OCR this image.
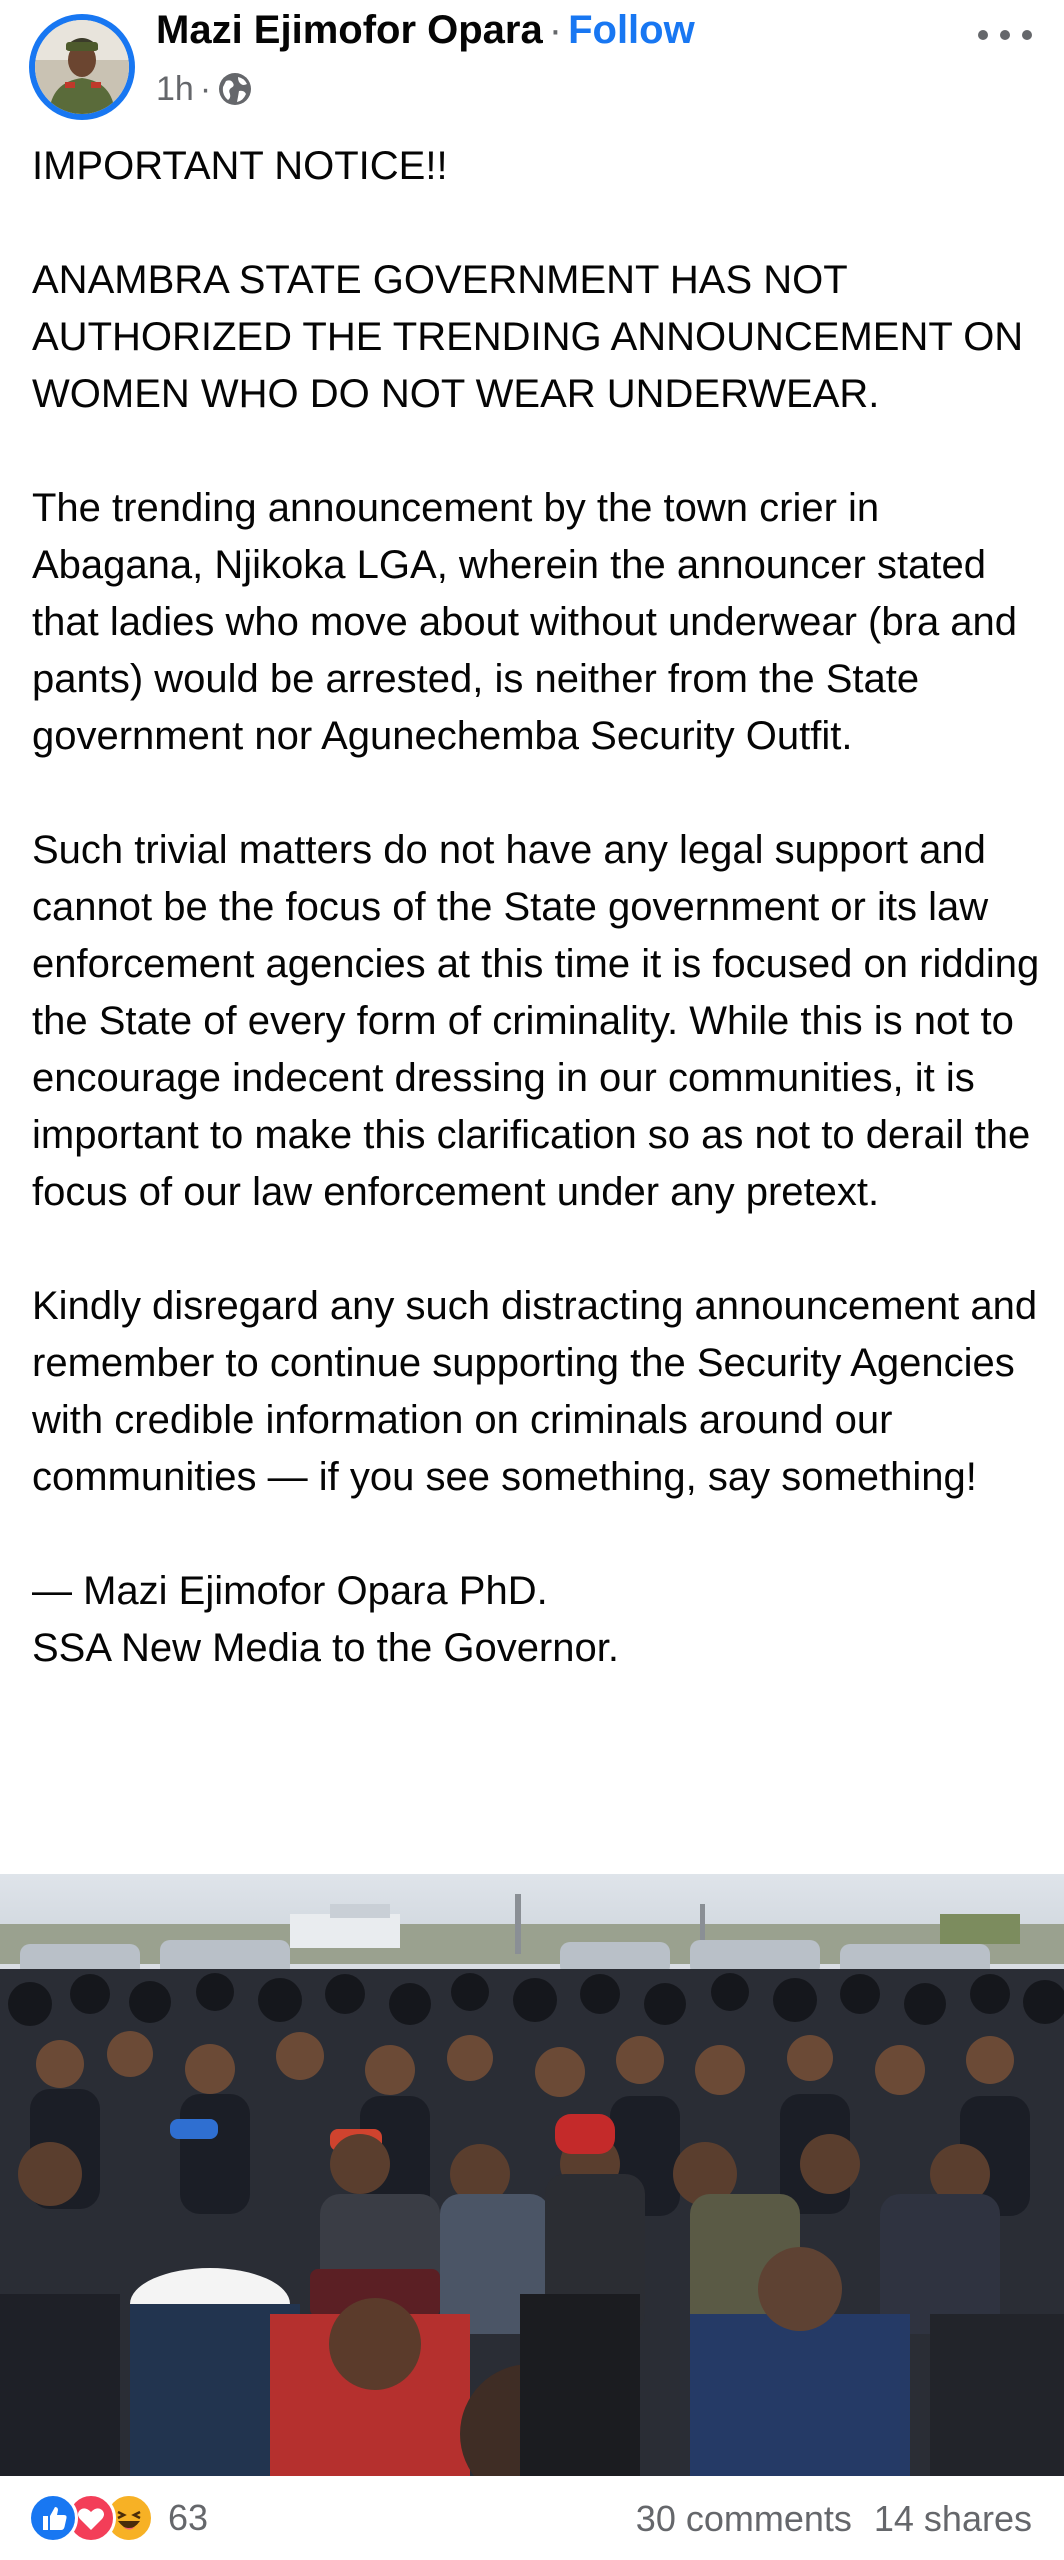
Mazi Ejimofor Opara · Follow
1h ·

IMPORTANT NOTICE!!

ANAMBRA STATE GOVERNMENT HAS NOT AUTHORIZED THE TRENDING ANNOUNCEMENT ON WOMEN WHO DO NOT WEAR UNDERWEAR.

The trending announcement by the town crier in Abagana, Njikoka LGA, wherein the announcer stated that ladies who move about without underwear (bra and pants) would be arrested, is neither from the State government nor Agunechemba Security Outfit.

Such trivial matters do not have any legal support and cannot be the focus of the State government or its law enforcement agencies at this time it is focused on ridding the State of every form of criminality. While this is not to encourage indecent dressing in our communities, it is important to make this clarification so as not to derail the focus of our law enforcement under any pretext.

Kindly disregard any such distracting announcement and remember to continue supporting the Security Agencies with credible information on criminals around our communities — if you see something, say something!

— Mazi Ejimofor Opara PhD.
SSA New Media to the Governor.

63	30 comments 14 shares
